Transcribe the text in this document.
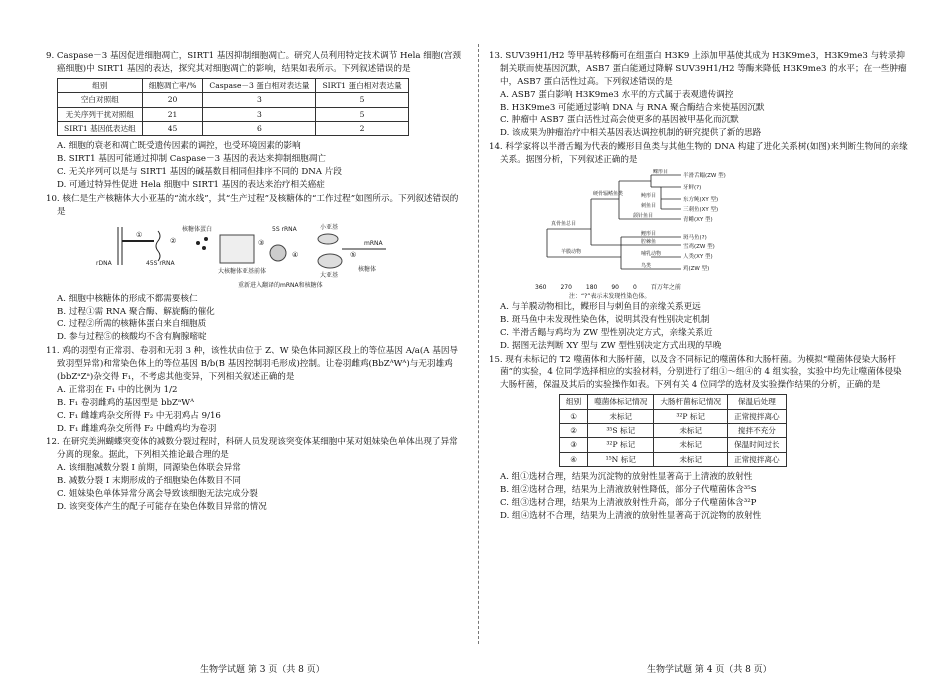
9. Caspase－3 基因促进细胞凋亡，SIRT1 基因抑制细胞凋亡。研究人员利用特定技术调节 Hela 细胞(宫颈癌细胞)中 SIRT1 基因的表达，探究其对细胞凋亡的影响，结果如表所示。下列叙述错误的是
组别	细胞凋亡率/%	Caspase－3 蛋白相对表达量	SIRT1 蛋白相对表达量
空白对照组	20	3	5
无关序列干扰对照组	21	3	5
SIRT1 基因低表达组	45	6	2
A. 细胞的衰老和凋亡既受遗传因素的调控，也受环境因素的影响
B. SIRT1 基因可能通过抑制 Caspase－3 基因的表达来抑制细胞凋亡
C. 无关序列可以是与 SIRT1 基因的碱基数目相同但排序不同的 DNA 片段
D. 可通过特异性促进 Hela 细胞中 SIRT1 基因的表达来治疗相关癌症
10. 核仁是生产核糖体大小亚基的“流水线”，其“生产过程”及核糖体的“工作过程”如图所示。下列叙述错误的是
①
②
核糖体蛋白
③
5S rRNA
④
小亚基
⑤
mRNA
rDNA	45S rRNA
大核糖体亚基前体
大亚基
核糖体
重新进入翻译的mRNA和核糖体
A. 细胞中核糖体的形成不都需要核仁
B. 过程①需 RNA 聚合酶、解旋酶的催化
C. 过程②所需的核糖体蛋白来自细胞质
D. 参与过程⑤的核酸均不含有胸腺嘧啶
11. 鸡的羽型有正常羽、卷羽和无羽 3 种，该性状由位于 Z、W 染色体同源区段上的等位基因 A/a(A 基因导致羽型异常)和常染色体上的等位基因 B/b(B 基因控制羽毛形成)控制。让卷羽雌鸡(BbZᴬWᴬ)与无羽雄鸡(bbZᵃZᵃ)杂交得 F₁，不考虑其他变异，下列相关叙述正确的是
A. 正常羽在 F₁ 中的比例为 1/2
B. F₁ 卷羽雌鸡的基因型是 bbZᵃWᴬ
C. F₁ 雌雄鸡杂交所得 F₂ 中无羽鸡占 9/16
D. F₁ 雌雄鸡杂交所得 F₂ 中雌鸡均为卷羽
12. 在研究美洲蝴蝶突变体的减数分裂过程时，科研人员发现该突变体某细胞中某对姐妹染色单体出现了异常分离的现象。据此，下列相关推论最合理的是
A. 该细胞减数分裂 Ⅰ 前期，同源染色体联会异常
B. 减数分裂 Ⅰ 末期形成的子细胞染色体数目不同
C. 姐妹染色单体异常分离会导致该细胞无法完成分裂
D. 该突变体产生的配子可能存在染色体数目异常的情况
13. SUV39H1/H2 等甲基转移酶可在组蛋白 H3K9 上添加甲基使其成为 H3K9me3，H3K9me3 与转录抑制关联而使基因沉默，ASB7 蛋白能通过降解 SUV39H1/H2 等酶来降低 H3K9me3 的水平；在一些肿瘤中，ASB7 蛋白活性过高。下列叙述错误的是
A. ASB7 蛋白影响 H3K9me3 水平的方式属于表观遗传调控
B. H3K9me3 可能通过影响 DNA 与 RNA 聚合酶结合来使基因沉默
C. 肿瘤中 ASB7 蛋白活性过高会使更多的基因被甲基化而沉默
D. 该成果为肿瘤治疗中相关基因表达调控机制的研究提供了新的思路
14. 科学家将以半滑舌鳎为代表的鲽形目鱼类与其他生物的 DNA 构建了进化关系树(如图)来判断生物间的亲缘关系。据图分析，下列叙述正确的是
半滑舌鳎(ZW 型)
牙鲆(?)
东方鲀(XY 型)
三刺鱼(XY 型)
青鳉(XY 型)
斑马鱼(?)
雪鸡(ZW 型)
人类(XY 型)
鸡(ZW 型)
鲽形目
鲀形目
刺鱼目
颌针鱼目
硬骨辐鳍鱼类
真骨鱼总目
鲤形目
腔棘鱼
羊膜动物	哺乳动物
鸟类
360 270 180 90 0 百万年之前
注：“?”表示未发现性染色体。
A. 与羊膜动物相比，鲽形目与刺鱼目的亲缘关系更远
B. 斑马鱼中未发现性染色体，说明其没有性别决定机制
C. 半滑舌鳎与鸡均为 ZW 型性别决定方式，亲缘关系近
D. 据图无法判断 XY 型与 ZW 型性别决定方式出现的早晚
15. 现有未标记的 T2 噬菌体和大肠杆菌，以及含不同标记的噬菌体和大肠杆菌。为模拟“噬菌体侵染大肠杆菌”的实验，4 位同学选择相应的实验材料，分别进行了组①～组④的 4 组实验，实验中均先让噬菌体侵染大肠杆菌，保温及其后的实验操作如表。下列有关 4 位同学的选材及实验操作结果的分析，正确的是
组别	噬菌体标记情况	大肠杆菌标记情况	保温后处理
①	未标记	³²P 标记	正常搅拌离心
②	³⁵S 标记	未标记	搅拌不充分
③	³²P 标记	未标记	保温时间过长
④	¹⁵N 标记	未标记	正常搅拌离心
A. 组①选材合理，结果为沉淀物的放射性显著高于上清液的放射性
B. 组②选材合理，结果为上清液放射性降低，部分子代噬菌体含³⁵S
C. 组③选材合理，结果为上清液放射性升高，部分子代噬菌体含³²P
D. 组④选材不合理，结果为上清液的放射性显著高于沉淀物的放射性
生物学试题 第 3 页（共 8 页）	生物学试题 第 4 页（共 8 页）
